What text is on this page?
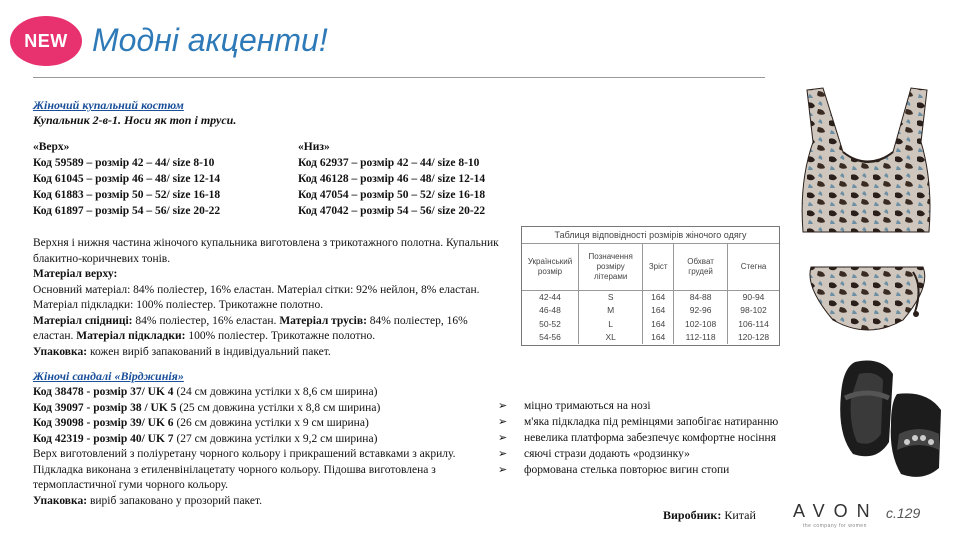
NEW Модні акценти!
Жіночий купальний костюм
Купальник 2-в-1. Носи як топ і труси.
«Верх»
Код 59589 – розмір 42 – 44/ size 8-10
Код 61045 – розмір 46 – 48/ size 12-14
Код 61883 – розмір 50 – 52/ size 16-18
Код 61897 – розмір 54 – 56/ size 20-22
«Низ»
Код 62937 – розмір 42 – 44/ size 8-10
Код 46128 – розмір 46 – 48/ size 12-14
Код 47054 – розмір 50 – 52/ size 16-18
Код 47042 – розмір 54 – 56/ size 20-22
Верхня і нижня частина жіночого купальника виготовлена з трикотажного полотна. Купальник блакитно-коричневих тонів.
Матеріал верху:
Основний матеріал: 84% поліестер, 16% еластан. Матеріал сітки: 92% нейлон, 8% еластан. Матеріал підкладки: 100% поліестер. Трикотажне полотно.
Матеріал спідниці: 84% поліестер, 16% еластан. Матеріал трусів: 84% поліестер, 16% еластан. Матеріал підкладки: 100% поліестер. Трикотажне полотно.
Упаковка: кожен виріб запакований в індивідуальний пакет.
Таблиця відповідності розмірів жіночого одягу
Український розмір	Позначення розміру літерами	Зріст	Обхват грудей	Стегна
42-44	S	164	84-88	90-94
46-48	M	164	92-96	98-102
50-52	L	164	102-108	106-114
54-56	XL	164	112-118	120-128
Жіночі сандалі «Вірджинія»
Код 38478 - розмір 37/ UK 4 (24 см довжина устілки х 8,6 см ширина)
Код 39097 - розмір 38 / UK 5 (25 см довжина устілки х 8,8 см ширина)
Код 39098 - розмір 39/ UK 6 (26 см довжина устілки х 9 см ширина)
Код 42319 - розмір 40/ UK 7 (27 см довжина устілки х 9,2 см ширина)
Верх виготовлений з поліуретану чорного кольору і прикрашений вставками з акрилу. Підкладка виконана з етиленвінілацетату чорного кольору. Підошва виготовлена з термопластичної гуми чорного кольору.
Упаковка: виріб запаковано у прозорий пакет.
➢	міцно тримаються на нозі
➢	м'яка підкладка під ремінцями запобігає натиранню
➢	невелика платформа забезпечує комфортне носіння
➢	сяючі стрази додають «родзинку»
➢	формована стелька повторює вигин стопи
Виробник: Китай AVON
the company for women
с.129
